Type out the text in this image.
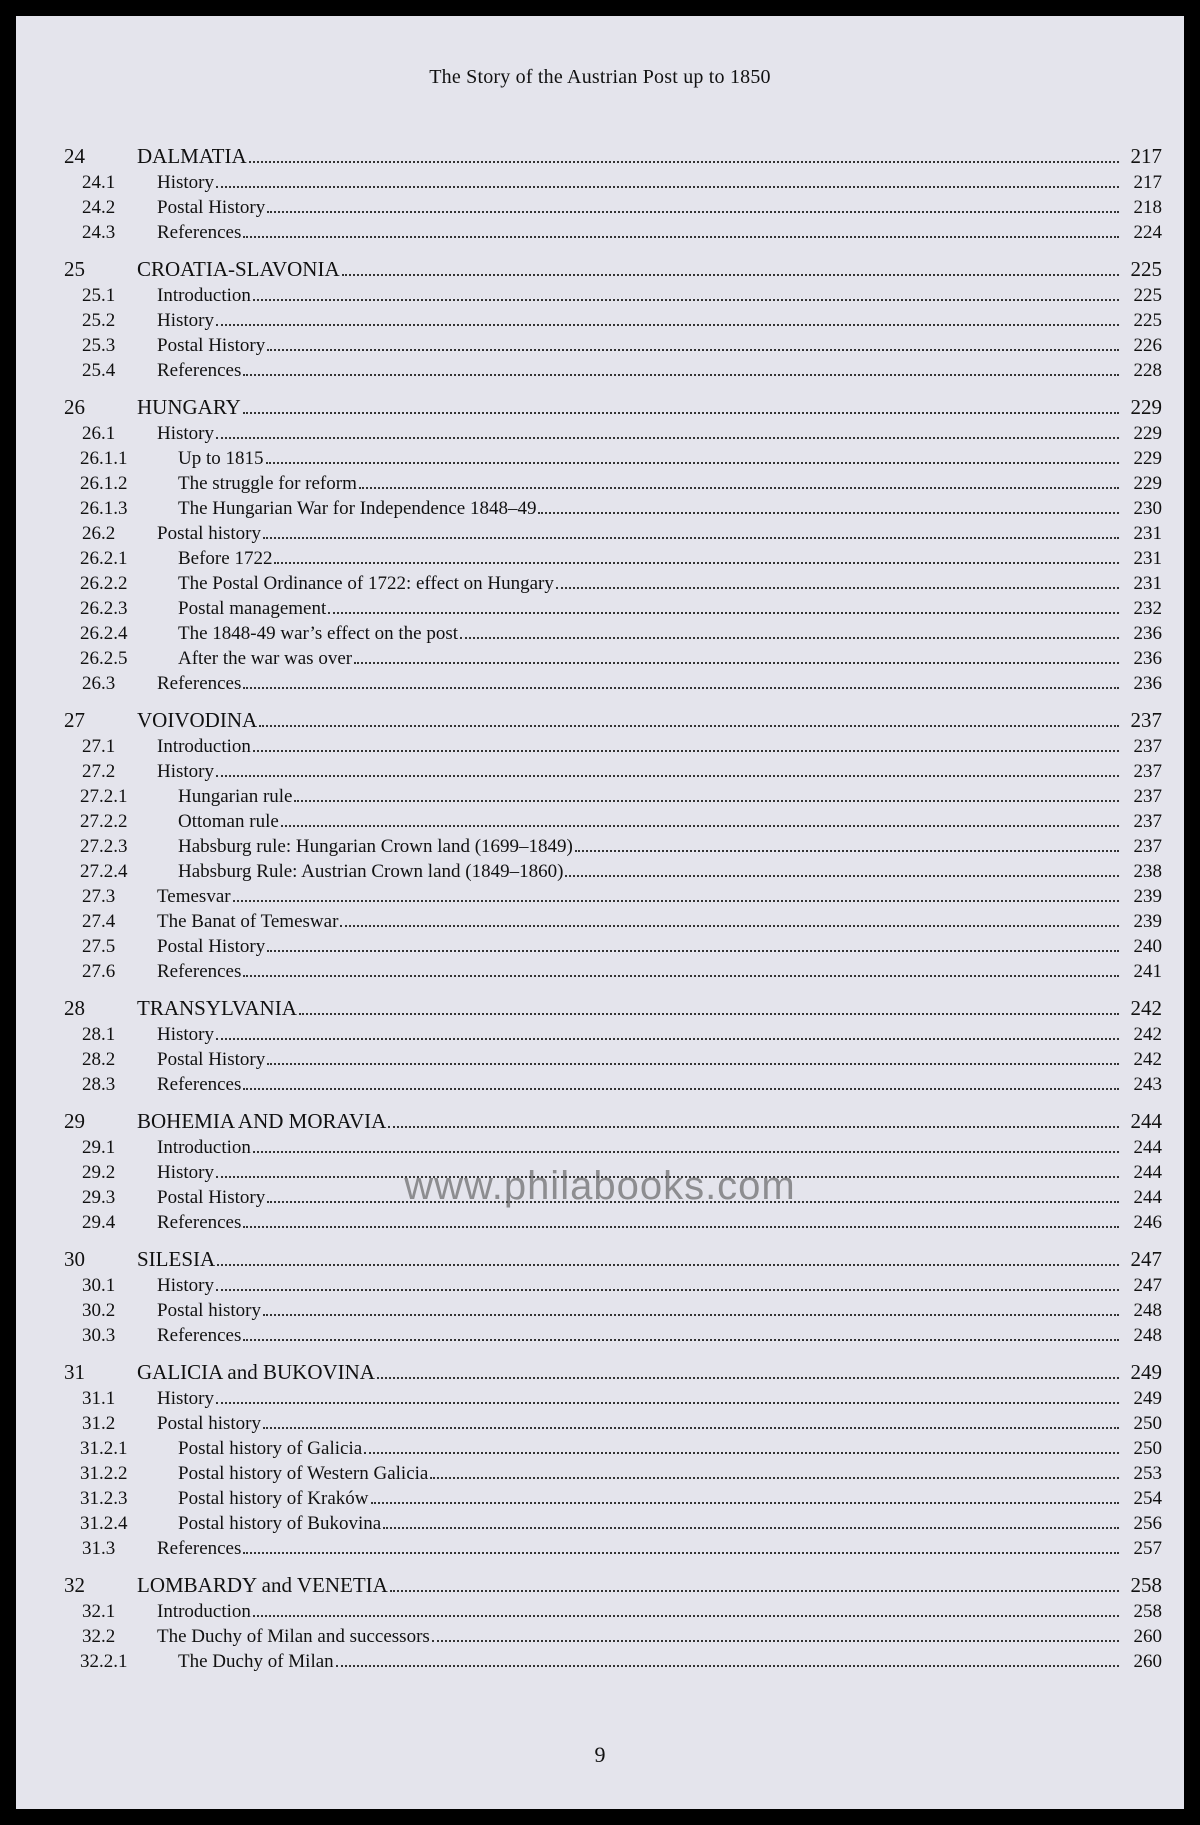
The Story of the Austrian Post up to 1850
24	DALMATIA	217
24.1	History	217
24.2	Postal History	218
24.3	References	224
25	CROATIA-SLAVONIA	225
25.1	Introduction	225
25.2	History	225
25.3	Postal History	226
25.4	References	228
26	HUNGARY	229
26.1	History	229
26.1.1	Up to 1815	229
26.1.2	The struggle for reform	229
26.1.3	The Hungarian War for Independence 1848–49	230
26.2	Postal history	231
26.2.1	Before 1722	231
26.2.2	The Postal Ordinance of 1722: effect on Hungary	231
26.2.3	Postal management	232
26.2.4	The 1848-49 war’s effect on the post	236
26.2.5	After the war was over	236
26.3	References	236
27	VOIVODINA	237
27.1	Introduction	237
27.2	History	237
27.2.1	Hungarian rule	237
27.2.2	Ottoman rule	237
27.2.3	Habsburg rule: Hungarian Crown land (1699–1849)	237
27.2.4	Habsburg Rule: Austrian Crown land (1849–1860)	238
27.3	Temesvar	239
27.4	The Banat of Temeswar	239
27.5	Postal History	240
27.6	References	241
28	TRANSYLVANIA	242
28.1	History	242
28.2	Postal History	242
28.3	References	243
29	BOHEMIA AND MORAVIA	244
29.1	Introduction	244
29.2	History	244
29.3	Postal History	244
29.4	References	246
30	SILESIA	247
30.1	History	247
30.2	Postal history	248
30.3	References	248
31	GALICIA and BUKOVINA	249
31.1	History	249
31.2	Postal history	250
31.2.1	Postal history of Galicia	250
31.2.2	Postal history of Western Galicia	253
31.2.3	Postal history of Kraków	254
31.2.4	Postal history of Bukovina	256
31.3	References	257
32	LOMBARDY and VENETIA	258
32.1	Introduction	258
32.2	The Duchy of Milan and successors	260
32.2.1	The Duchy of Milan	260
www.philabooks.com
9
